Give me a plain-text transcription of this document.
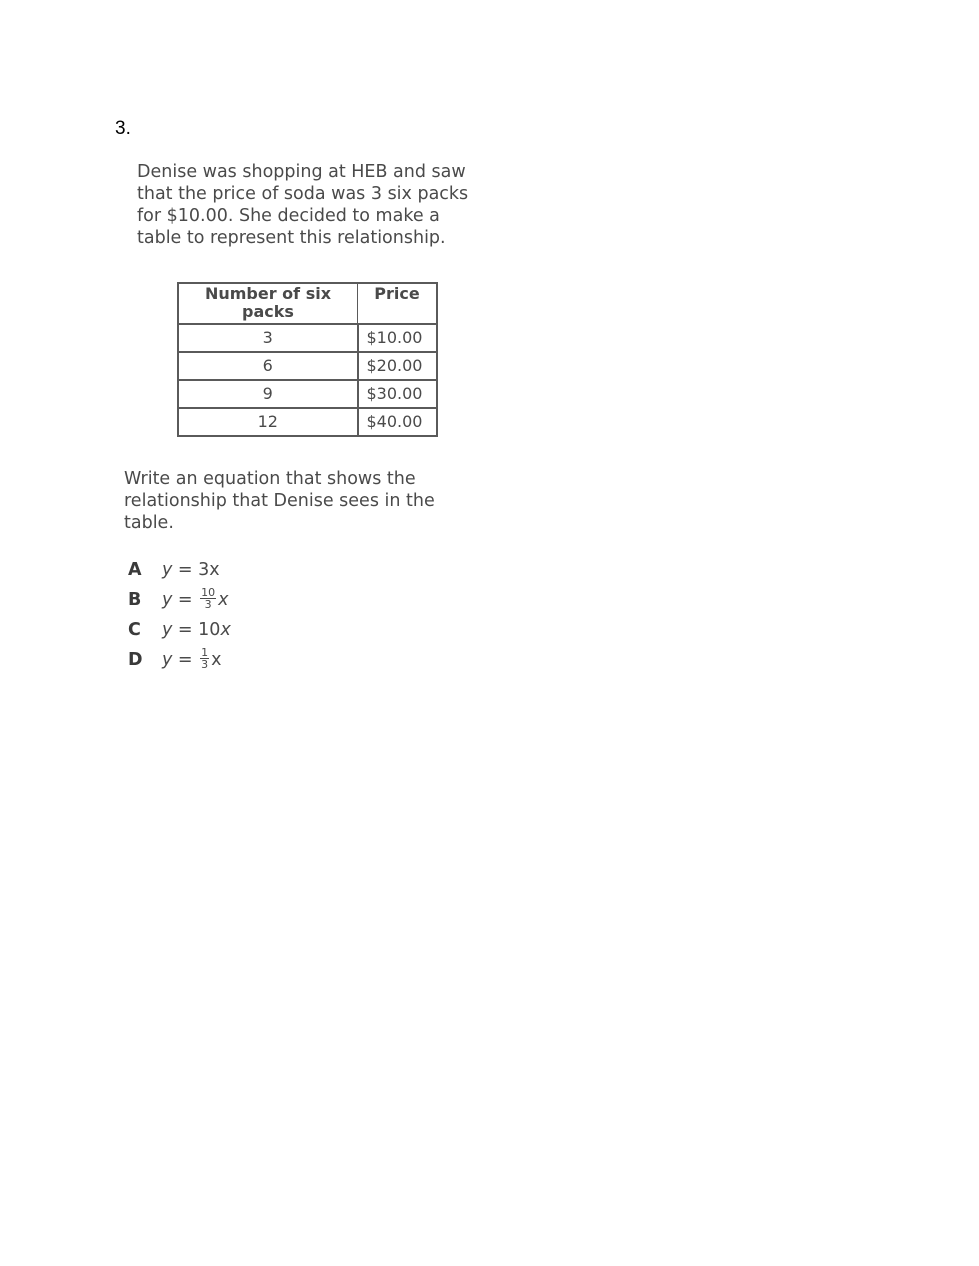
3.
Denise was shopping at HEB and saw
that the price of soda was 3 six packs
for $10.00. She decided to make a
table to represent this relationship.
Number of six packs	Price
3	$10.00
6	$20.00
9	$30.00
12	$40.00
Write an equation that shows the
relationship that Denise sees in the
table.
A y = 3x
B $y = \frac{10}{3}$ x
C y = 10x
D $y = \frac{1}{3}$ x
